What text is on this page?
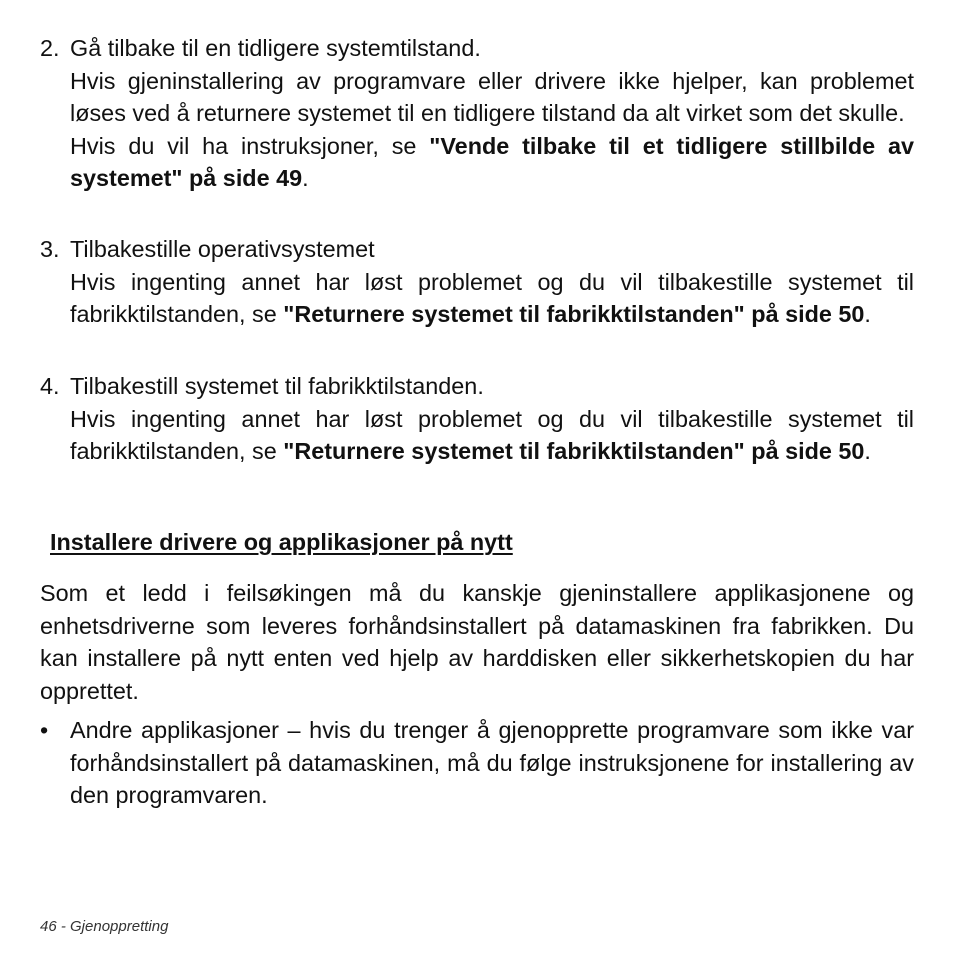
2. Gå tilbake til en tidligere systemtilstand.
Hvis gjeninstallering av programvare eller drivere ikke hjelper, kan problemet løses ved å returnere systemet til en tidligere tilstand da alt virket som det skulle.
Hvis du vil ha instruksjoner, se "Vende tilbake til et tidligere stillbilde av systemet" på side 49.
3. Tilbakestille operativsystemet
Hvis ingenting annet har løst problemet og du vil tilbakestille systemet til fabrikktilstanden, se "Returnere systemet til fabrikktilstanden" på side 50.
4. Tilbakestill systemet til fabrikktilstanden.
Hvis ingenting annet har løst problemet og du vil tilbakestille systemet til fabrikktilstanden, se "Returnere systemet til fabrikktilstanden" på side 50.
Installere drivere og applikasjoner på nytt
Som et ledd i feilsøkingen må du kanskje gjeninstallere applikasjonene og enhetsdriverne som leveres forhåndsinstallert på datamaskinen fra fabrikken. Du kan installere på nytt enten ved hjelp av harddisken eller sikkerhetskopien du har opprettet.
• Andre applikasjoner – hvis du trenger å gjenopprette programvare som ikke var forhåndsinstallert på datamaskinen, må du følge instruksjonene for installering av den programvaren.
46 - Gjenoppretting
